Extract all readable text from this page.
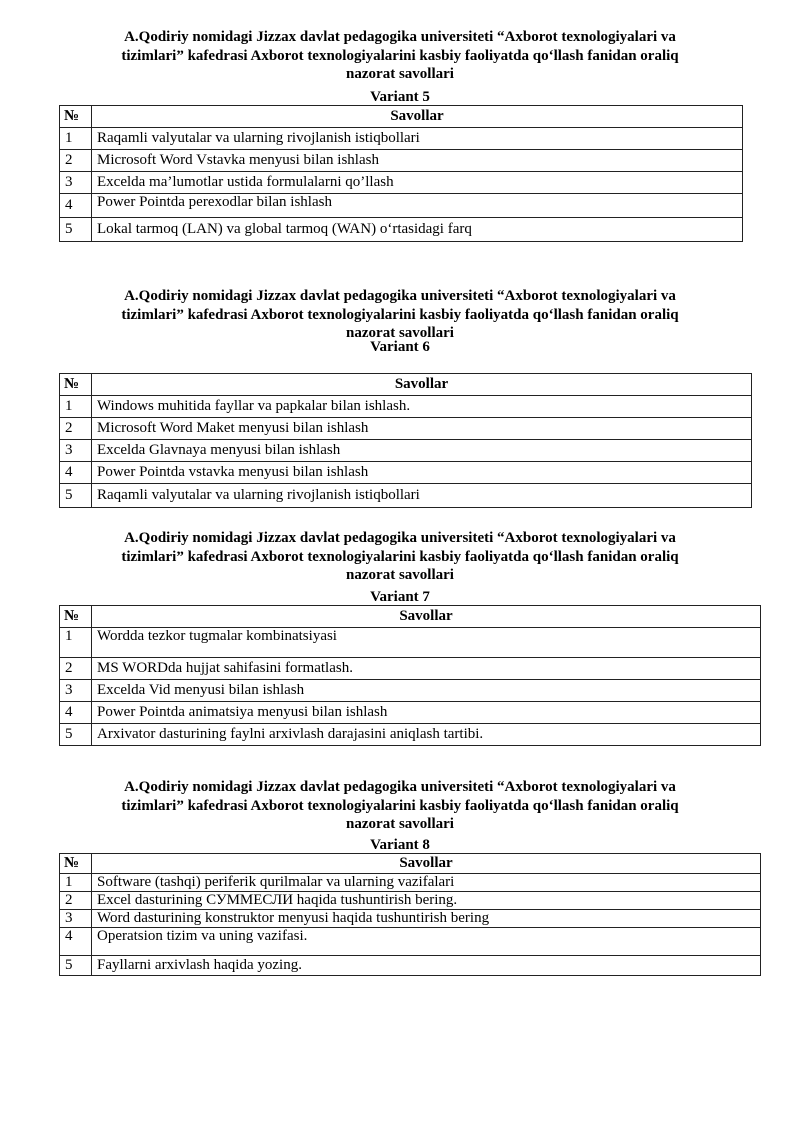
A.Qodiriy nomidagi Jizzax davlat pedagogika universiteti “Axborot texnologiyalari va
tizimlari” kafedrasi Axborot texnologiyalarini kasbiy faoliyatda qo‘llash fanidan oraliq
nazorat savollari
Variant 5
№	Savollar
1	Raqamli valyutalar va ularning rivojlanish istiqbollari
2	Microsoft Word Vstavka menyusi bilan ishlash
3	Excelda ma’lumotlar ustida formulalarni qo’llash
4	Power Pointda perexodlar bilan ishlash
5	Lokal tarmoq (LAN) va global tarmoq (WAN) o‘rtasidagi farq
A.Qodiriy nomidagi Jizzax davlat pedagogika universiteti “Axborot texnologiyalari va
tizimlari” kafedrasi Axborot texnologiyalarini kasbiy faoliyatda qo‘llash fanidan oraliq
nazorat savollari
Variant 6
№	Savollar
1	Windows muhitida fayllar va papkalar bilan ishlash.
2	Microsoft Word Maket menyusi bilan ishlash
3	Excelda Glavnaya menyusi bilan ishlash
4	Power Pointda vstavka menyusi bilan ishlash
5	Raqamli valyutalar va ularning rivojlanish istiqbollari
A.Qodiriy nomidagi Jizzax davlat pedagogika universiteti “Axborot texnologiyalari va
tizimlari” kafedrasi Axborot texnologiyalarini kasbiy faoliyatda qo‘llash fanidan oraliq
nazorat savollari
Variant 7
№	Savollar
1	Wordda tezkor tugmalar kombinatsiyasi
2	MS WORDda hujjat sahifasini formatlash.
3	Excelda Vid menyusi bilan ishlash
4	Power Pointda animatsiya menyusi bilan ishlash
5	Arxivator dasturining faylni arxivlash darajasini aniqlash tartibi.
A.Qodiriy nomidagi Jizzax davlat pedagogika universiteti “Axborot texnologiyalari va
tizimlari” kafedrasi Axborot texnologiyalarini kasbiy faoliyatda qo‘llash fanidan oraliq
nazorat savollari
Variant 8
№	Savollar
1	Software (tashqi) periferik qurilmalar va ularning vazifalari
2	Excel dasturining СУММЕСЛИ haqida tushuntirish bering.
3	Word dasturining konstruktor menyusi haqida tushuntirish bering
4	Operatsion tizim va uning vazifasi.
5	Fayllarni arxivlash haqida yozing.
